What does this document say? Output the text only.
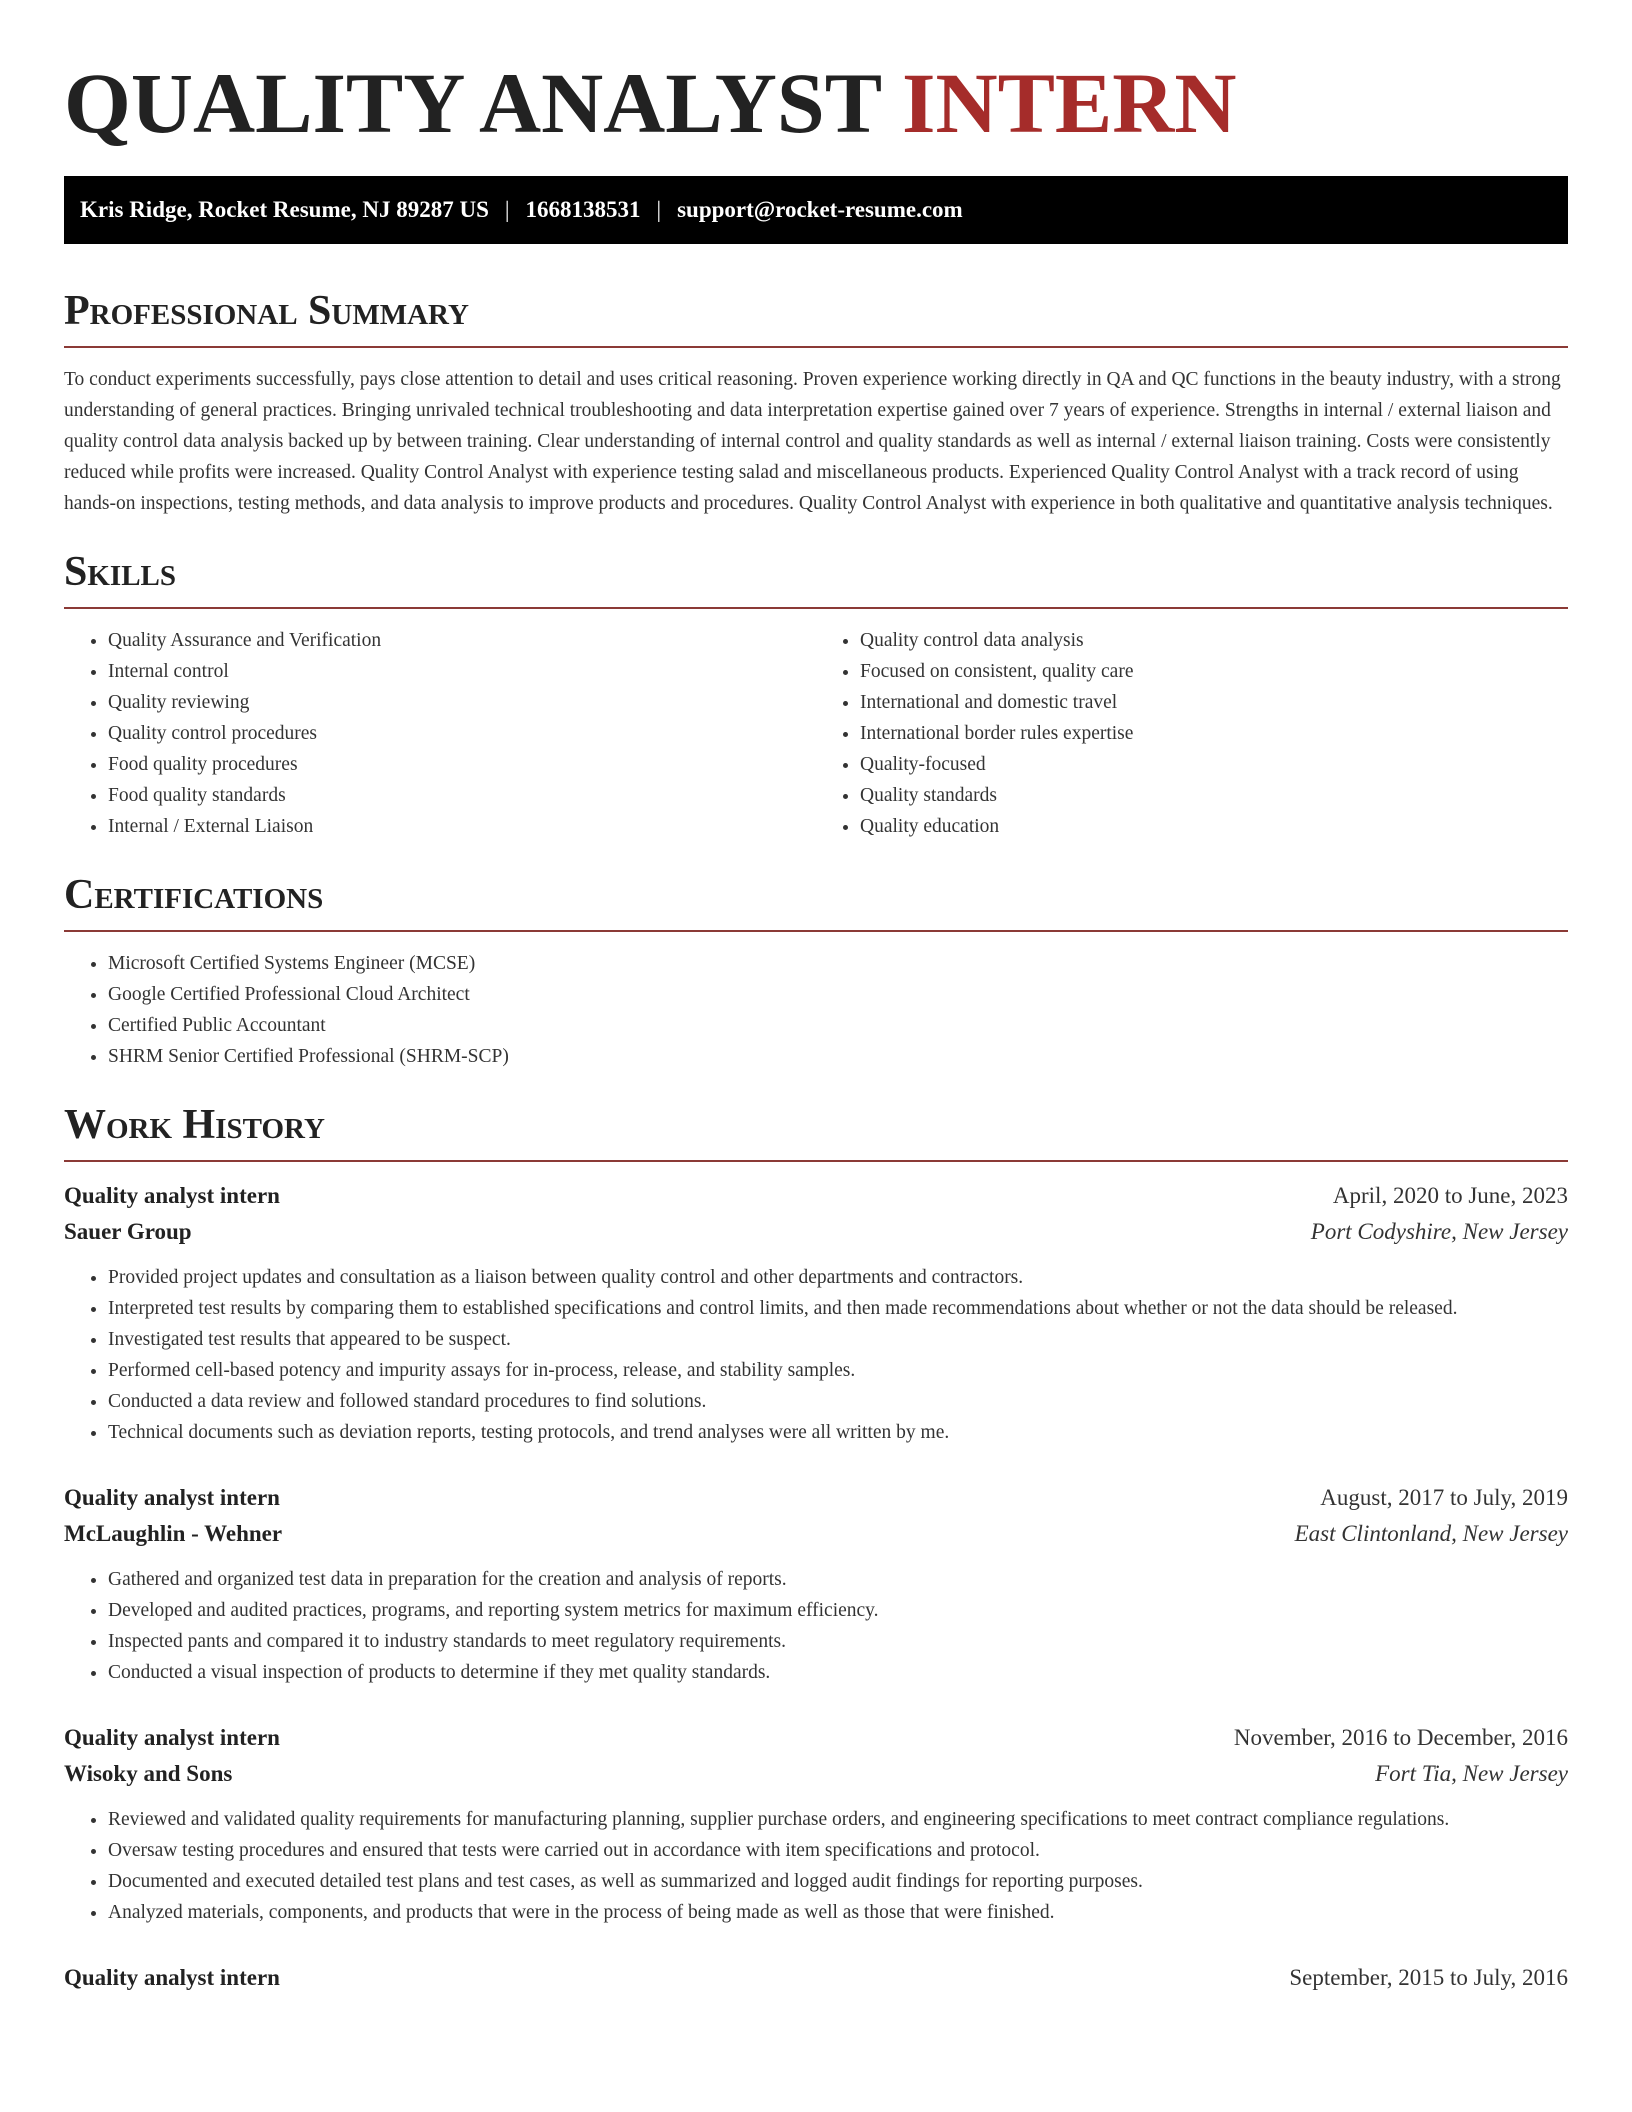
QUALITY ANALYST INTERN
Kris Ridge, Rocket Resume, NJ 89287 US | 1668138531 | support@rocket-resume.com
Professional Summary

To conduct experiments successfully, pays close attention to detail and uses critical reasoning. Proven experience working directly in QA and QC functions in the beauty industry, with a strong understanding of general practices. Bringing unrivaled technical troubleshooting and data interpretation expertise gained over 7 years of experience. Strengths in internal / external liaison and quality control data analysis backed up by between training. Clear understanding of internal control and quality standards as well as internal / external liaison training. Costs were consistently reduced while profits were increased. Quality Control Analyst with experience testing salad and miscellaneous products. Experienced Quality Control Analyst with a track record of using hands-on inspections, testing methods, and data analysis to improve products and procedures. Quality Control Analyst with experience in both qualitative and quantitative analysis techniques.

Skills
• Quality Assurance and Verification
• Internal control
• Quality reviewing
• Quality control procedures
• Food quality procedures
• Food quality standards
• Internal / External Liaison
• Quality control data analysis
• Focused on consistent, quality care
• International and domestic travel
• International border rules expertise
• Quality-focused
• Quality standards
• Quality education
Certifications
• Microsoft Certified Systems Engineer (MCSE)
• Google Certified Professional Cloud Architect
• Certified Public Accountant
• SHRM Senior Certified Professional (SHRM-SCP)
Work History
Quality analyst intern	April, 2020 to June, 2023
Sauer Group	Port Codyshire, New Jersey
• Provided project updates and consultation as a liaison between quality control and other departments and contractors.
• Interpreted test results by comparing them to established specifications and control limits, and then made recommendations about whether or not the data should be released.
• Investigated test results that appeared to be suspect.
• Performed cell-based potency and impurity assays for in-process, release, and stability samples.
• Conducted a data review and followed standard procedures to find solutions.
• Technical documents such as deviation reports, testing protocols, and trend analyses were all written by me.
Quality analyst intern	August, 2017 to July, 2019
McLaughlin - Wehner	East Clintonland, New Jersey
• Gathered and organized test data in preparation for the creation and analysis of reports.
• Developed and audited practices, programs, and reporting system metrics for maximum efficiency.
• Inspected pants and compared it to industry standards to meet regulatory requirements.
• Conducted a visual inspection of products to determine if they met quality standards.
Quality analyst intern	November, 2016 to December, 2016
Wisoky and Sons	Fort Tia, New Jersey
• Reviewed and validated quality requirements for manufacturing planning, supplier purchase orders, and engineering specifications to meet contract compliance regulations.
• Oversaw testing procedures and ensured that tests were carried out in accordance with item specifications and protocol.
• Documented and executed detailed test plans and test cases, as well as summarized and logged audit findings for reporting purposes.
• Analyzed materials, components, and products that were in the process of being made as well as those that were finished.
Quality analyst intern	September, 2015 to July, 2016
